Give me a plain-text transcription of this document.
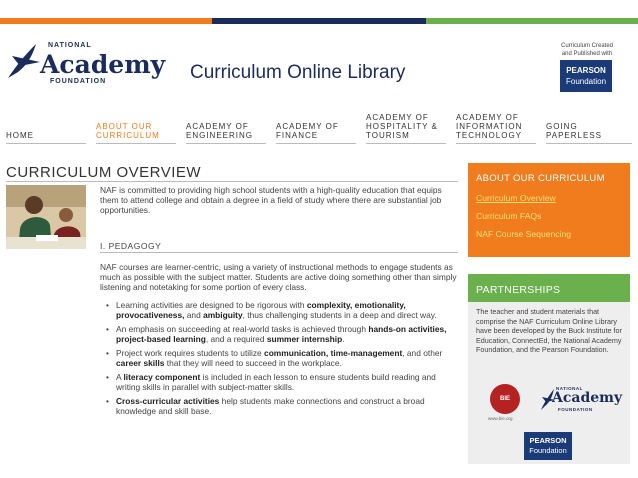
NATIONAL
Academy
FOUNDATION	Curriculum Online Library
Curriculum Created
and Published with
PEARSON
Foundation
HOME
ABOUT OUR
CURRICULUM
ACADEMY OF
ENGINEERING
ACADEMY OF
FINANCE
ACADEMY OF
HOSPITALITY &
TOURISM
ACADEMY OF
INFORMATION
TECHNOLOGY
GOING PAPERLESS
CURRICULUM OVERVIEW

NAF is committed to providing high school students with a high-quality education that equips them to attend college and obtain a degree in a field of study where there are substantial job opportunities.

I. PEDAGOGY

NAF courses are learner-centric, using a variety of instructional methods to engage students as much as possible with the subject matter. Students are active doing something other than simply listening and notetaking for some portion of every class.

• Learning activities are designed to be rigorous with complexity, emotionality, provocativeness, and ambiguity, thus challenging students in a deep and direct way.
• An emphasis on succeeding at real-world tasks is achieved through hands-on activities, project-based learning, and a required summer internship.
• Project work requires students to utilize communication, time-management, and other career skills that they will need to succeed in the workplace.
• A literacy component is included in each lesson to ensure students build reading and writing skills in parallel with subject-matter skills.
• Cross-curricular activities help students make connections and construct a broad knowledge and skill base.
ABOUT OUR CURRICULUM
Curriculum Overview
Curriculum FAQs
NAF Course Sequencing
PARTNERSHIPS

The teacher and student materials that comprise the NAF Curriculum Online Library have been developed by the Buck Institute for Education, ConnectEd, the National Academy Foundation, and the Pearson Foundation.

BIE
www.bie.org
NATIONAL
Academy
FOUNDATION
PEARSON
Foundation
